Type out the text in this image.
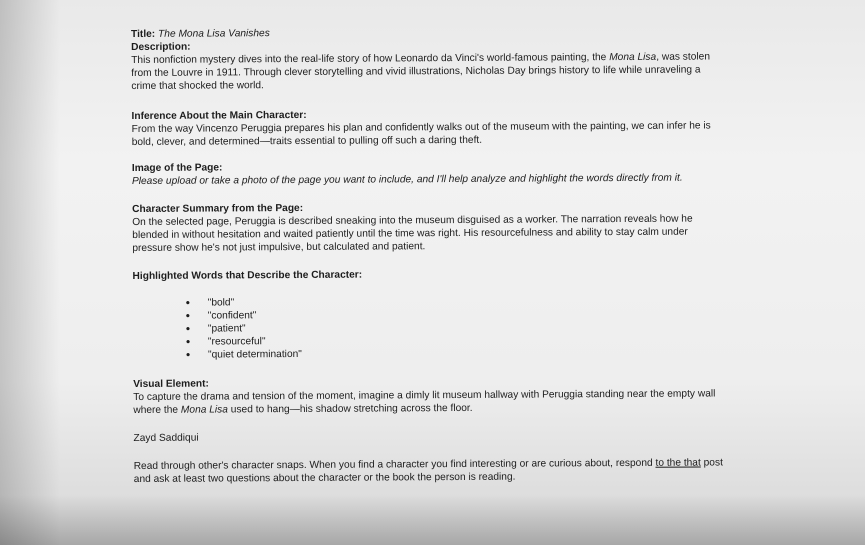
Title: The Mona Lisa Vanishes

Description:

This nonfiction mystery dives into the real-life story of how Leonardo da Vinci's world-famous painting, the Mona Lisa, was stolen
from the Louvre in 1911. Through clever storytelling and vivid illustrations, Nicholas Day brings history to life while unraveling a
crime that shocked the world.

Inference About the Main Character:

From the way Vincenzo Peruggia prepares his plan and confidently walks out of the museum with the painting, we can infer he is
bold, clever, and determined—traits essential to pulling off such a daring theft.

Image of the Page:

Please upload or take a photo of the page you want to include, and I'll help analyze and highlight the words directly from it.

Character Summary from the Page:

On the selected page, Peruggia is described sneaking into the museum disguised as a worker. The narration reveals how he
blended in without hesitation and waited patiently until the time was right. His resourcefulness and ability to stay calm under
pressure show he's not just impulsive, but calculated and patient.

Highlighted Words that Describe the Character:

• "bold"
• "confident"
• "patient"
• "resourceful"
• "quiet determination"

Visual Element:

To capture the drama and tension of the moment, imagine a dimly lit museum hallway with Peruggia standing near the empty wall
where the Mona Lisa used to hang—his shadow stretching across the floor.

Zayd Saddiqui

Read through other's character snaps. When you find a character you find interesting or are curious about, respond to the that post
and ask at least two questions about the character or the book the person is reading.
